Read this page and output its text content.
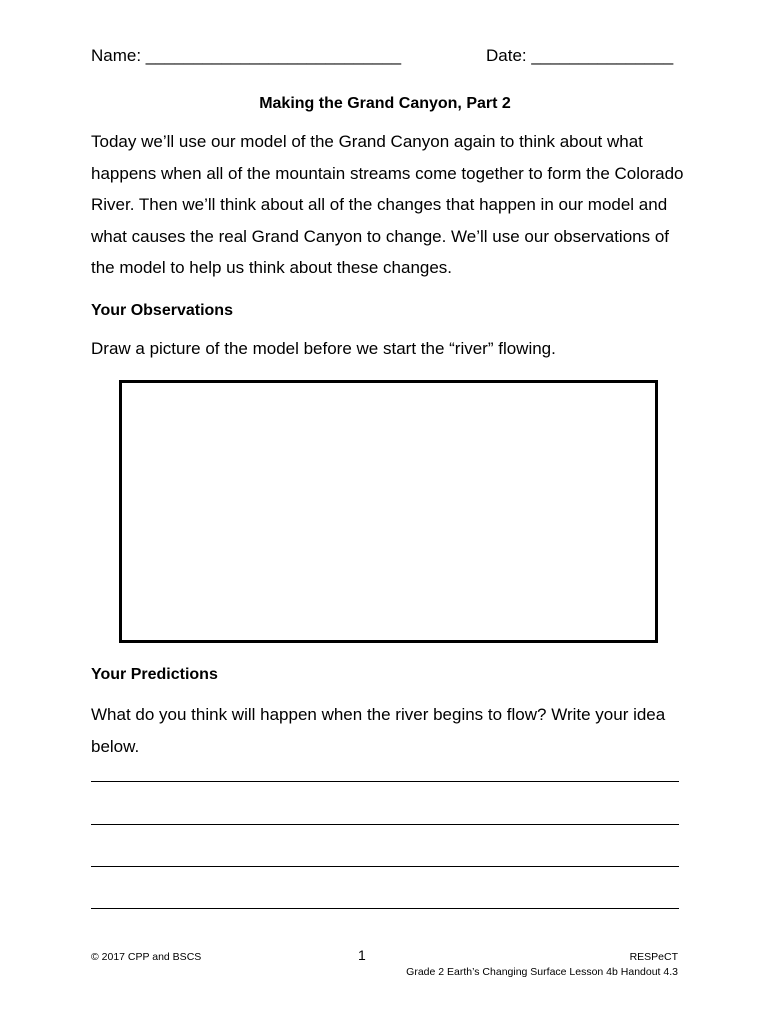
Name: ___________________________	Date: _______________
Making the Grand Canyon, Part 2

Today we’ll use our model of the Grand Canyon again to think about what happens when all of the mountain streams come together to form the Colorado River. Then we’ll think about all of the changes that happen in our model and what causes the real Grand Canyon to change. We’ll use our observations of the model to help us think about these changes.

Your Observations
Draw a picture of the model before we start the “river” flowing.
Your Predictions

What do you think will happen when the river begins to flow? Write your idea below.

© 2017 CPP and BSCS	1	RESPeCT
Grade 2 Earth’s Changing Surface Lesson 4b Handout 4.3
